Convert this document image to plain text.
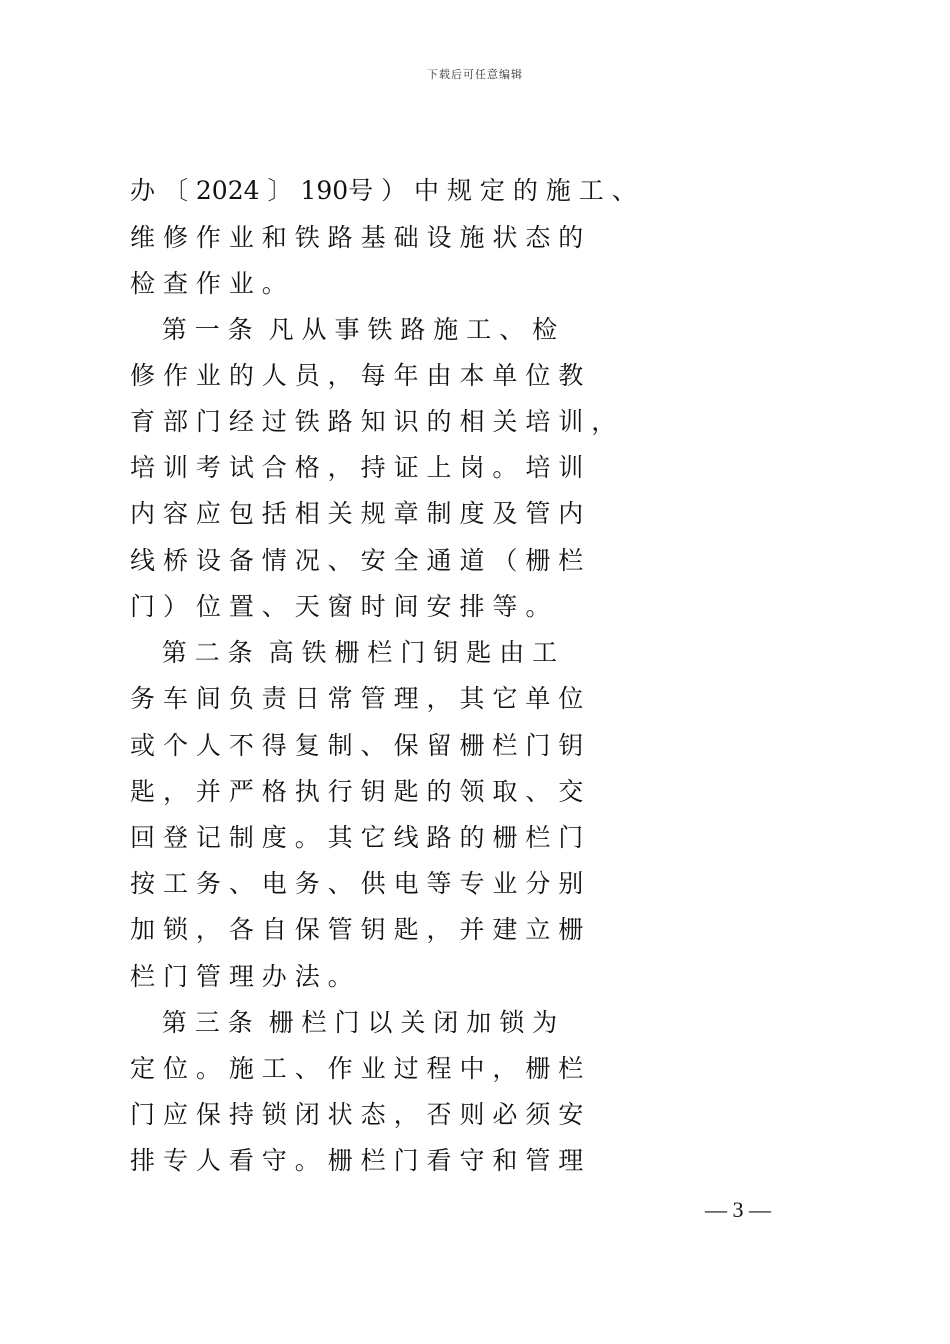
下载后可任意编辑
办 〔 2024 〕 190号 ） 中 规 定 的 施 工 、
维 修 作 业 和 铁 路 基 础 设 施 状 态 的
检 查 作 业 。
第 一 条  凡 从 事 铁 路 施 工 、 检
修 作 业 的 人 员 ， 每 年 由 本 单 位 教
育 部 门 经 过 铁 路 知 识 的 相 关 培 训 ，
培 训 考 试 合 格 ， 持 证 上 岗 。 培 训
内 容 应 包 括 相 关 规 章 制 度 及 管 内
线 桥 设 备 情 况 、 安 全 通 道 （ 栅 栏
门 ） 位 置 、 天 窗 时 间 安 排 等 。
第 二 条  高 铁 栅 栏 门 钥 匙 由 工
务 车 间 负 责 日 常 管 理 ， 其 它 单 位
或 个 人 不 得 复 制 、 保 留 栅 栏 门 钥
匙 ， 并 严 格 执 行 钥 匙 的 领 取 、 交
回 登 记 制 度 。 其 它 线 路 的 栅 栏 门
按 工 务 、 电 务 、 供 电 等 专 业 分 别
加 锁 ， 各 自 保 管 钥 匙 ， 并 建 立 栅
栏 门 管 理 办 法 。
第 三 条  栅 栏 门 以 关 闭 加 锁 为
定 位 。 施 工 、 作 业 过 程 中 ， 栅 栏
门 应 保 持 锁 闭 状 态 ， 否 则 必 须 安
排 专 人 看 守 。 栅 栏 门 看 守 和 管 理
— 3 —
